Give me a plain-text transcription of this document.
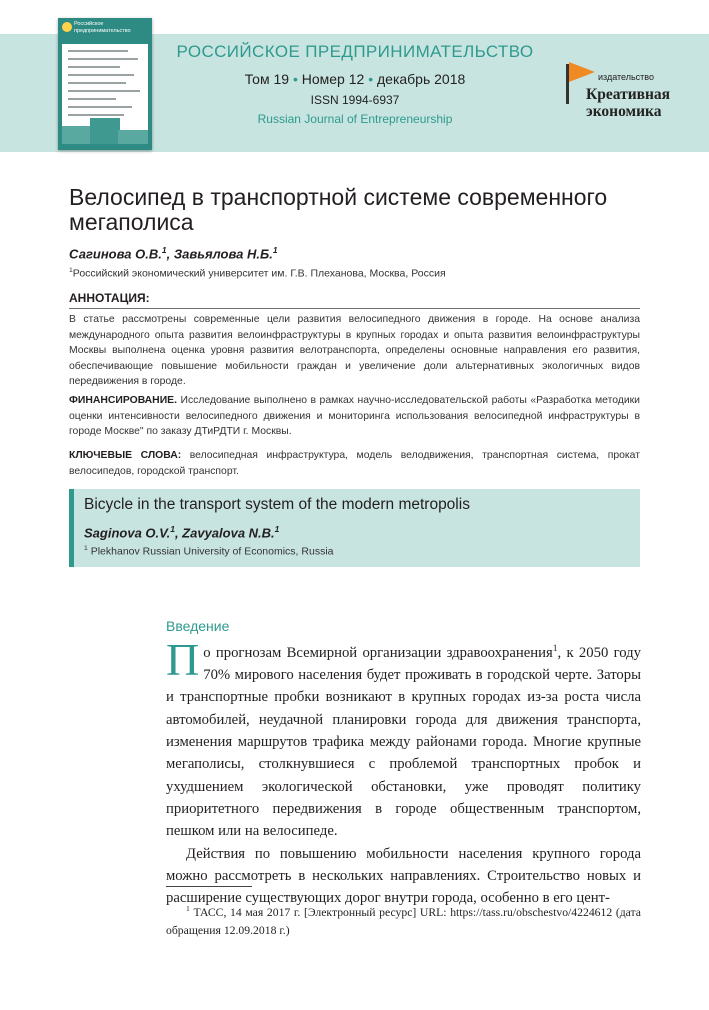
Российское предпринимательство
РОССИЙСКОЕ ПРЕДПРИНИМАТЕЛЬСТВО
Том 19 • Номер 12 • декабрь 2018
ISSN 1994-6937
Russian Journal of Entrepreneurship
издательство
Креативная
экономика
Велосипед в транспортной системе современного мегаполиса
Сагинова О.В.$^1$, Завьялова Н.Б.$^1$
$^1$Российский экономический университет им. Г.В. Плеханова, Москва, Россия
АННОТАЦИЯ:
В статье рассмотрены современные цели развития велосипедного движения в городе. На основе анализа международного опыта развития велоинфраструктуры в крупных городах и опыта развития велоинфраструктуры Москвы выполнена оценка уровня развития велотранспорта, определены основные направления его развития, обеспечивающие повышение мобильности граждан и увеличение доли альтернативных экологичных видов передвижения в городе.
ФИНАНСИРОВАНИЕ. Исследование выполнено в рамках научно-исследовательской работы «Разработка методики оценки интенсивности велосипедного движения и мониторинга использования велосипедной инфраструктуры в городе Москве" по заказу ДТиРДТИ г. Москвы.
КЛЮЧЕВЫЕ СЛОВА: велосипедная инфраструктура, модель велодвижения, транспортная система, прокат велосипедов, городской транспорт.
Bicycle in the transport system of the modern metropolis
Saginova O.V.$^1$, Zavyalova N.B.$^1$
$^1$ Plekhanov Russian University of Economics, Russia
Введение

По прогнозам Всемирной организации здравоохранения$^1$, к 2050 году 70% мирового населения будет проживать в городской черте. Заторы и транспортные пробки возникают в крупных городах из-за роста числа автомобилей, неудачной планировки города для движения транспорта, изменения маршрутов трафика между районами города. Многие крупные мегаполисы, столкнувшиеся с проблемой транспортных пробок и ухудшением экологической обстановки, уже проводят политику приоритетного передвижения в городе общественным транспортом, пешком или на велосипеде.

Действия по повышению мобильности населения крупного города можно рассмотреть в нескольких направлениях. Строительство новых и расширение существующих дорог внутри города, особенно в его цент-

$^1$ ТАСС, 14 мая 2017 г. [Электронный ресурс] URL: https://tass.ru/obschestvo/4224612 (дата обращения 12.09.2018 г.)
